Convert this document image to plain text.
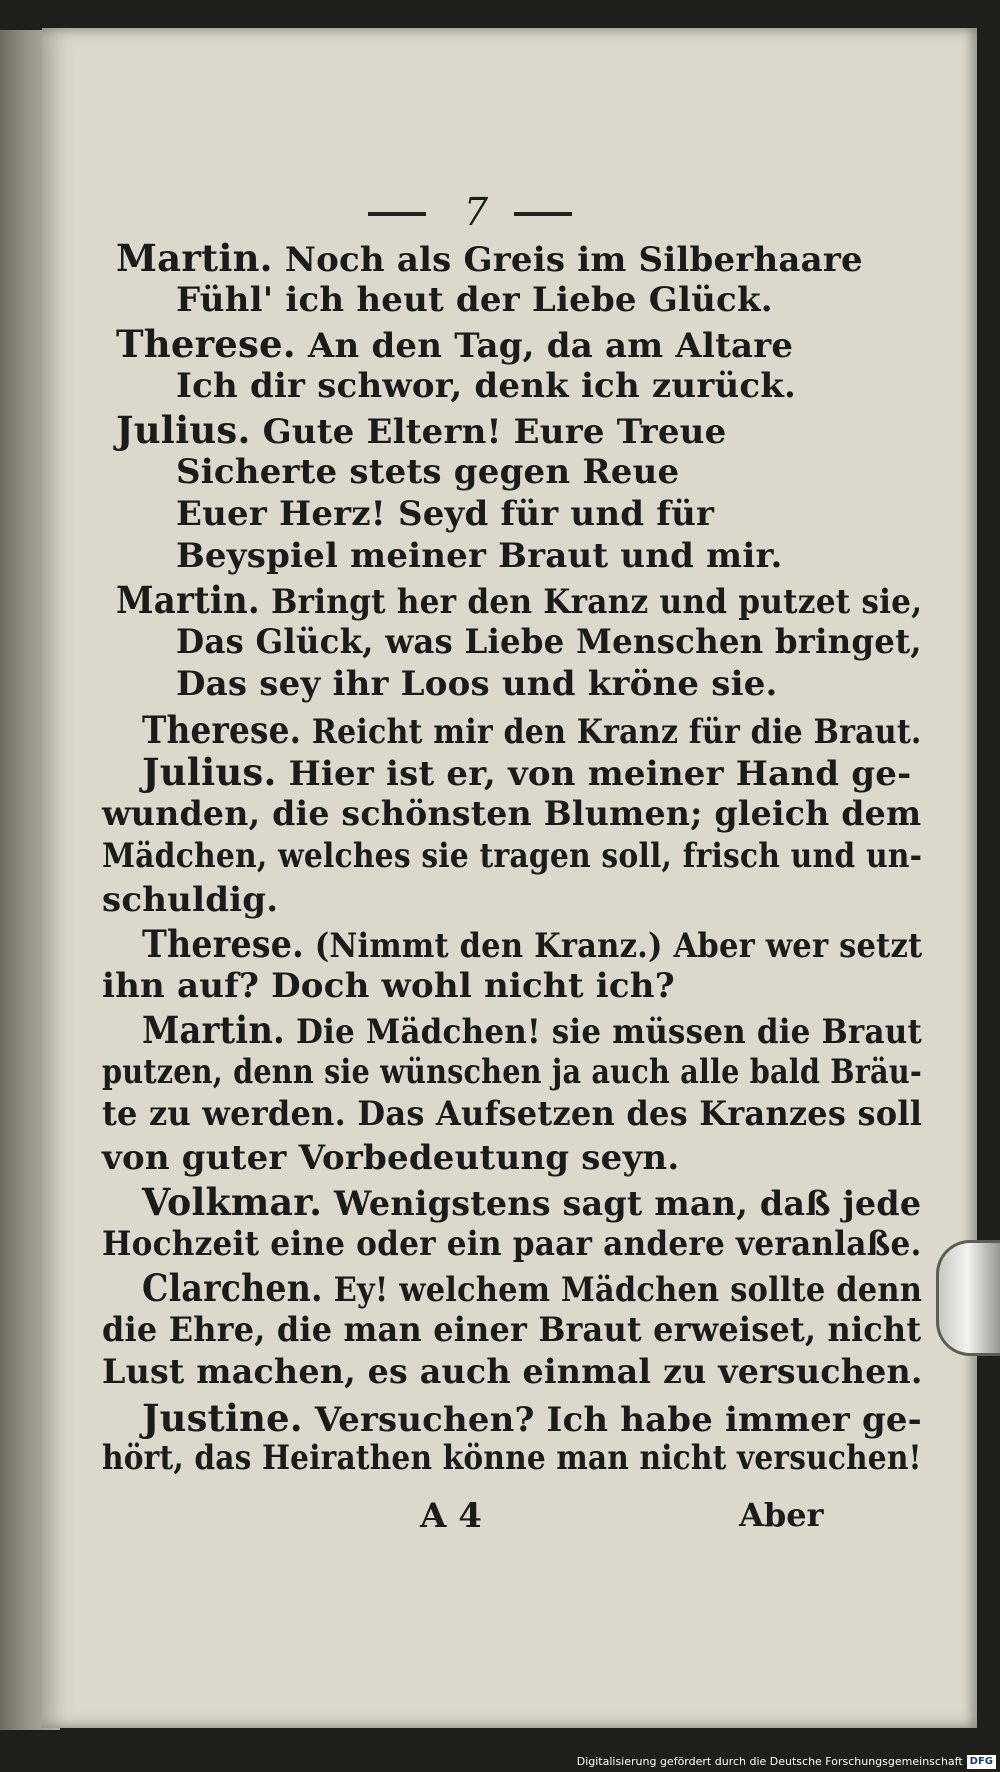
7
Martin. Noch als Greis im Silberhaare
Fühl' ich heut der Liebe Glück.
Therese. An den Tag, da am Altare
Ich dir schwor, denk ich zurück.
Julius. Gute Eltern! Eure Treue
Sicherte stets gegen Reue
Euer Herz! Seyd für und für
Beyspiel meiner Braut und mir.
Martin. Bringt her den Kranz und putzet sie,
Das Glück, was Liebe Menschen bringet,
Das sey ihr Loos und kröne sie.
Therese. Reicht mir den Kranz für die Braut.
Julius. Hier ist er, von meiner Hand ge-
wunden, die schönsten Blumen; gleich dem
Mädchen, welches sie tragen soll, frisch und un-
schuldig.
Therese. (Nimmt den Kranz.) Aber wer setzt
ihn auf? Doch wohl nicht ich?
Martin. Die Mädchen! sie müssen die Braut
putzen, denn sie wünschen ja auch alle bald Bräu-
te zu werden. Das Aufsetzen des Kranzes soll
von guter Vorbedeutung seyn.
Volkmar. Wenigstens sagt man, daß jede
Hochzeit eine oder ein paar andere veranlaße.
Clarchen. Ey! welchem Mädchen sollte denn
die Ehre, die man einer Braut erweiset, nicht
Lust machen, es auch einmal zu versuchen.
Justine. Versuchen? Ich habe immer ge-
hört, das Heirathen könne man nicht versuchen!
A 4	Aber
Digitalisierung gefördert durch die Deutsche Forschungsgemeinschaft DFG
